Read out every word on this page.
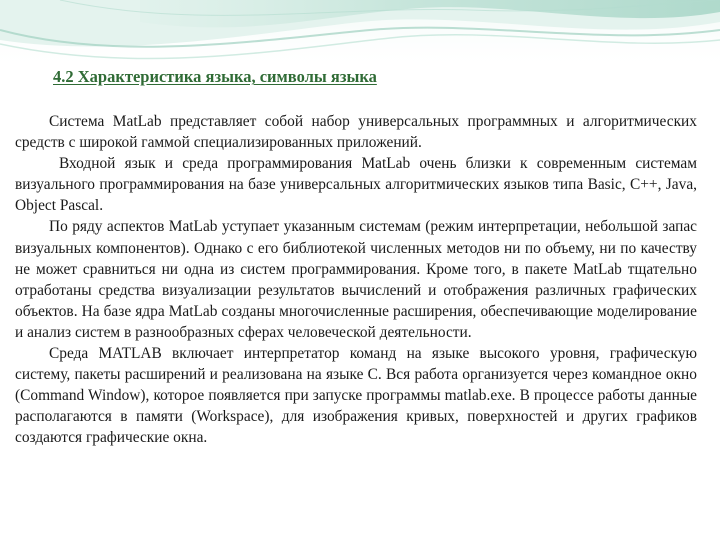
4.2 Характеристика языка, символы языка

Система MatLab представляет собой набор универсальных программных и алгоритмических средств с широкой гаммой специализированных приложений.

Входной язык и среда программирования MatLab очень близки к современным системам визуального программирования на базе универсальных алгоритмических языков типа Basic, C++, Java, Object Pascal.

По ряду аспектов MatLab уступает указанным системам (режим интерпретации, небольшой запас визуальных компонентов). Однако с его библиотекой численных методов ни по объему, ни по качеству не может сравниться ни одна из систем программирования. Кроме того, в пакете MatLab тщательно отработаны средства визуализации результатов вычислений и отображения различных графических объектов. На базе ядра MatLab созданы многочисленные расширения, обеспечивающие моделирование и анализ систем в разнообразных сферах человеческой деятельности.

Среда MATLAB включает интерпретатор команд на языке высокого уровня, графическую систему, пакеты расширений и реализована на языке С. Вся работа организуется через командное окно (Command Window), которое появляется при запуске программы matlab.exe. В процессе работы данные располагаются в памяти (Workspace), для изображения кривых, поверхностей и других графиков создаются графические окна.
